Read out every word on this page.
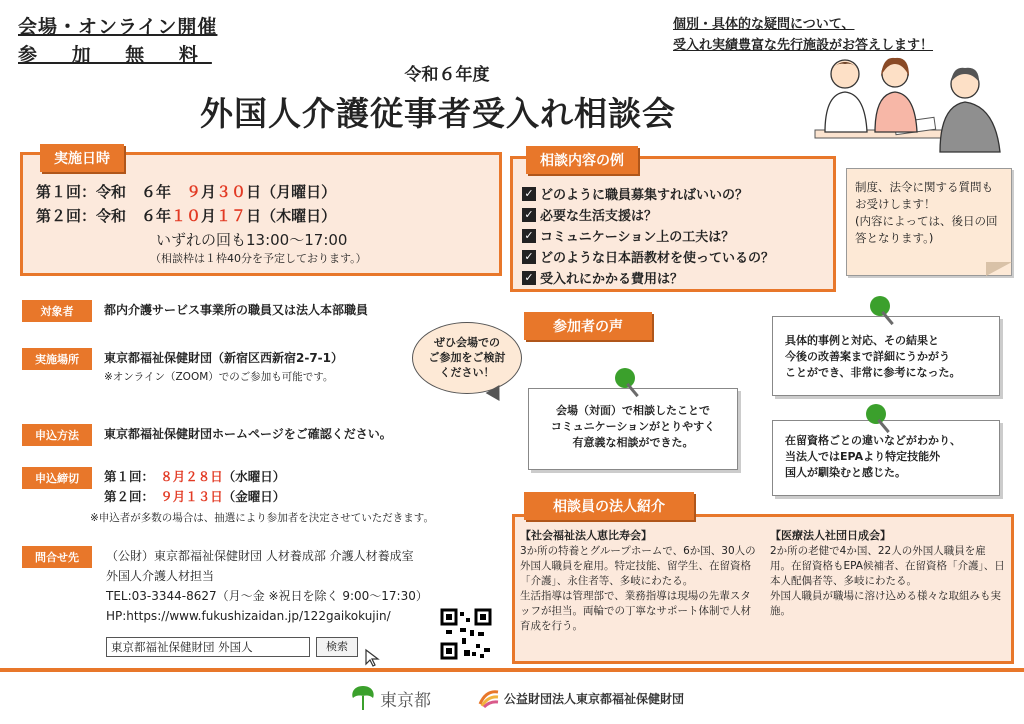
会場・オンライン開催
参 加 無 料
個別・具体的な疑問について、
受入れ実績豊富な先行施設がお答えします！
令和６年度
外国人介護従事者受入れ相談会
実施日時
第１回：令和　６年　９月３０日（月曜日）
第２回：令和　６年１０月１７日（木曜日）
いずれの回も13:00～17:00
（相談枠は１枠40分を予定しております。）
相談内容の例
✓ どのように職員募集すればいいの？
✓ 必要な生活支援は？
✓ コミュニケーション上の工夫は？
✓ どのような日本語教材を使っているの？
✓ 受入れにかかる費用は？
制度、法令に関する質問もお受けします！
(内容によっては、後日の回答となります。)
対象者	都内介護サービス事業所の職員又は法人本部職員
実施場所	東京都福祉保健財団（新宿区西新宿2-7-1）
※オンライン（ZOOM）でのご参加も可能です。
申込方法	東京都福祉保健財団ホームページをご確認ください。
申込締切	第１回：　８月２８日（水曜日）
第２回：　９月１３日（金曜日）
※申込者が多数の場合は、抽選により参加者を決定させていただきます。
問合せ先	（公財）東京都福祉保健財団 人材養成部 介護人材養成室
外国人介護人材担当
TEL:03-3344-8627（月～金 ※祝日を除く 9:00～17:30）
HP:https://www.fukushizaidan.jp/122gaikokujin/
東京都福祉保健財団 外国人	検索
参加者の声
ぜひ会場での
ご参加をご検討
ください！
会場（対面）で相談したことで
コミュニケーションがとりやすく
有意義な相談ができた。
具体的事例と対応、その結果と
今後の改善案まで詳細にうかがう
ことができ、非常に参考になった。
在留資格ごとの違いなどがわかり、
当法人ではEPAより特定技能外
国人が馴染むと感じた。
相談員の法人紹介
【社会福祉法人恵比寿会】
3か所の特養とグループホームで、6か国、30人の外国人職員を雇用。特定技能、留学生、在留資格「介護」、永住者等、多岐にわたる。
生活指導は管理部で、業務指導は現場の先輩スタッフが担当。両輪での丁寧なサポート体制で人材育成を行う。
【医療法人社団日成会】
2か所の老健で4か国、22人の外国人職員を雇用。在留資格もEPA候補者、在留資格「介護」、日本人配偶者等、多岐にわたる。
外国人職員が職場に溶け込める様々な取組みも実施。
東京都	公益財団法人東京都福祉保健財団
